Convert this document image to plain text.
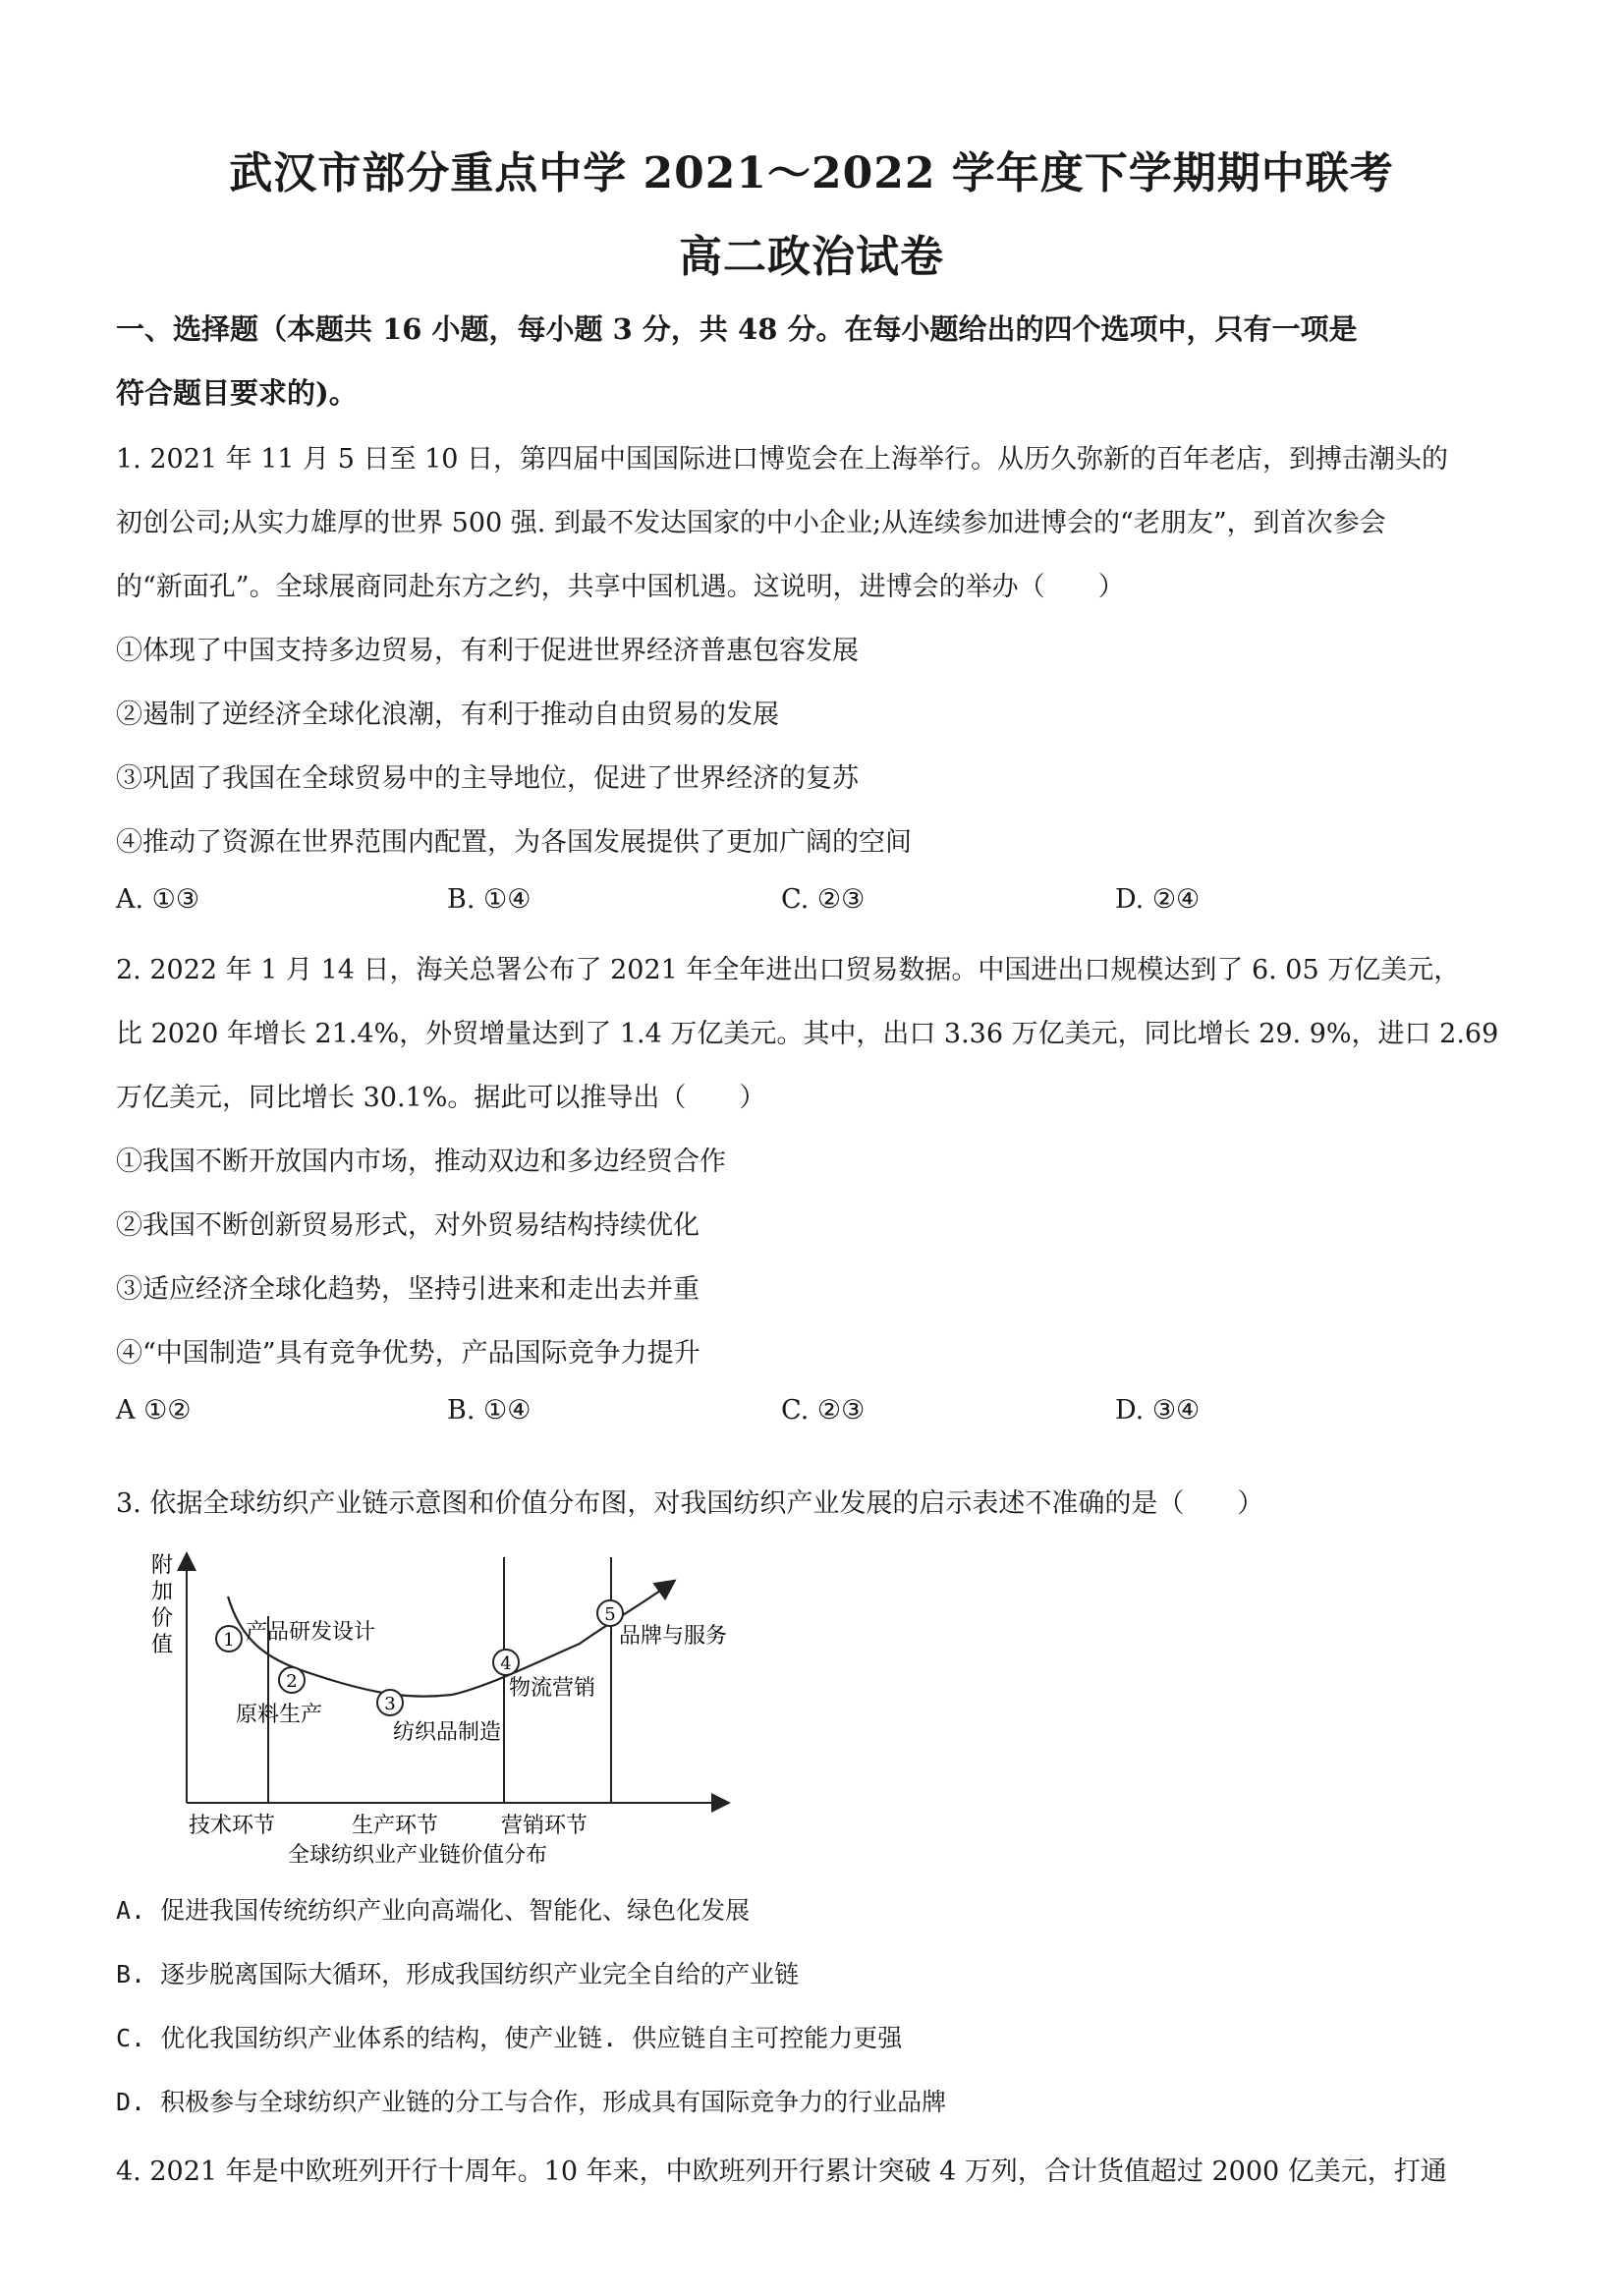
武汉市部分重点中学 2021～2022 学年度下学期期中联考
高二政治试卷
一、选择题（本题共 16 小题，每小题 3 分，共 48 分。在每小题给出的四个选项中，只有一项是
符合题目要求的)。
1. 2021 年 11 月 5 日至 10 日，第四届中国国际进口博览会在上海举行。从历久弥新的百年老店，到搏击潮头的
初创公司;从实力雄厚的世界 500 强. 到最不发达国家的中小企业;从连续参加进博会的“老朋友”，到首次参会
的“新面孔”。全球展商同赴东方之约，共享中国机遇。这说明，进博会的举办（　　）
①体现了中国支持多边贸易，有利于促进世界经济普惠包容发展
②遏制了逆经济全球化浪潮，有利于推动自由贸易的发展
③巩固了我国在全球贸易中的主导地位，促进了世界经济的复苏
④推动了资源在世界范围内配置，为各国发展提供了更加广阔的空间
A. ①③	B. ①④	C. ②③	D. ②④
2. 2022 年 1 月 14 日，海关总署公布了 2021 年全年进出口贸易数据。中国进出口规模达到了 6. 05 万亿美元，
比 2020 年增长 21.4%，外贸增量达到了 1.4 万亿美元。其中，出口 3.36 万亿美元，同比增长 29. 9%，进口 2.69
万亿美元，同比增长 30.1%。据此可以推导出（　　）
①我国不断开放国内市场，推动双边和多边经贸合作
②我国不断创新贸易形式，对外贸易结构持续优化
③适应经济全球化趋势，坚持引进来和走出去并重
④“中国制造”具有竞争优势，产品国际竞争力提升
A ①②	B. ①④	C. ②③	D. ③④
3. 依据全球纺织产业链示意图和价值分布图，对我国纺织产业发展的启示表述不准确的是（　　）
附
加
价
值	1 产品研发设计
2
原料生产	3
纺织品制造
4
物流营销
5
品牌与服务
技术环节	生产环节	营销环节
全球纺织业产业链价值分布
A. 促进我国传统纺织产业向高端化、智能化、绿色化发展
B. 逐步脱离国际大循环，形成我国纺织产业完全自给的产业链
C. 优化我国纺织产业体系的结构，使产业链. 供应链自主可控能力更强
D. 积极参与全球纺织产业链的分工与合作，形成具有国际竞争力的行业品牌
4. 2021 年是中欧班列开行十周年。10 年来，中欧班列开行累计突破 4 万列，合计货值超过 2000 亿美元，打通
